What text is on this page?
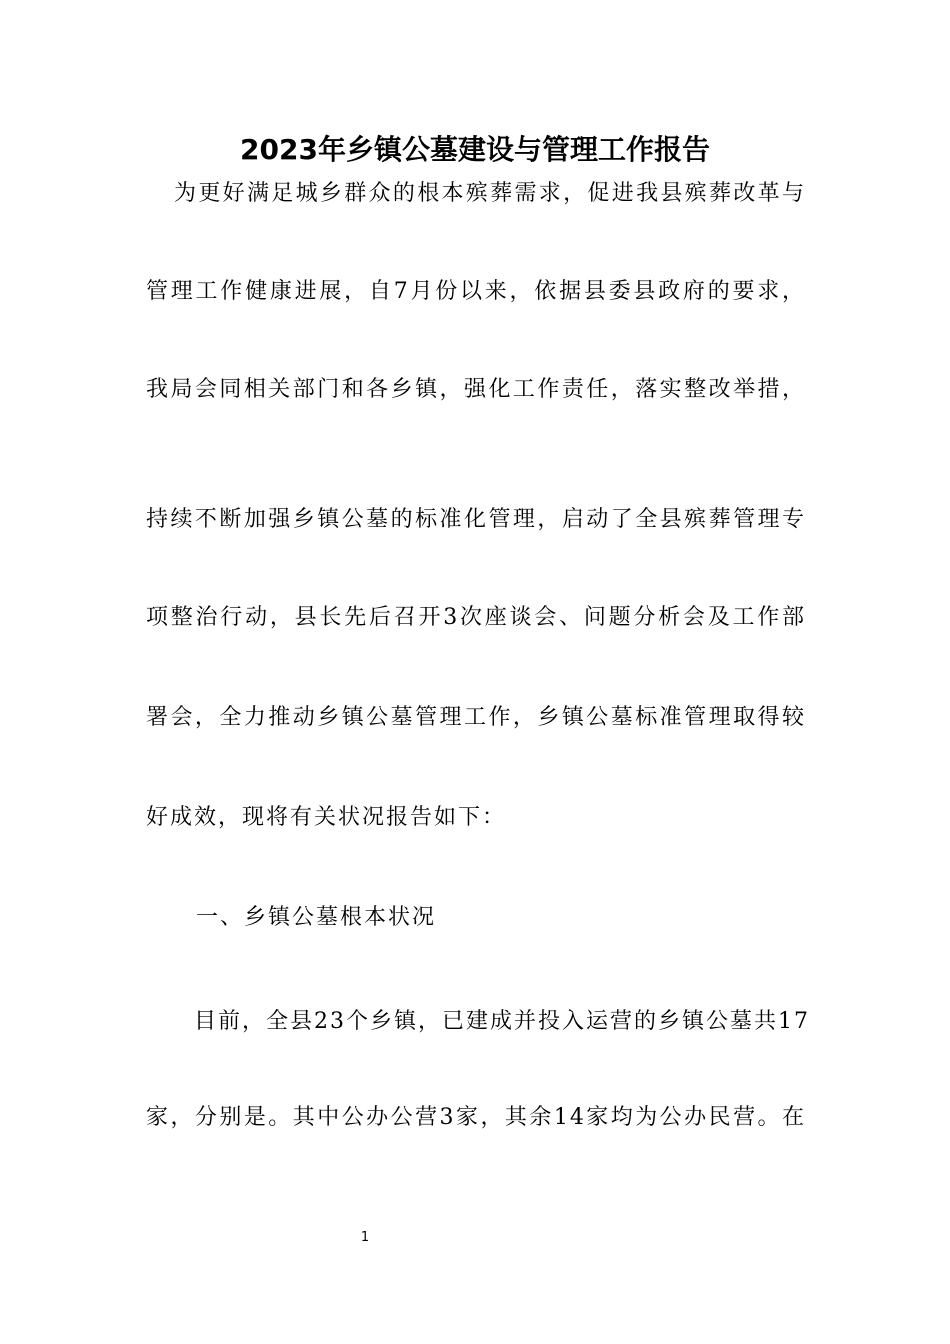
2023年乡镇公墓建设与管理工作报告
为更好满足城乡群众的根本殡葬需求，促进我县殡葬改革与
管理工作健康进展，自7月份以来，依据县委县政府的要求，
我局会同相关部门和各乡镇，强化工作责任，落实整改举措，
持续不断加强乡镇公墓的标准化管理，启动了全县殡葬管理专
项整治行动，县长先后召开3次座谈会、问题分析会及工作部
署会，全力推动乡镇公墓管理工作，乡镇公墓标准管理取得较
好成效，现将有关状况报告如下：
一、乡镇公墓根本状况
目前，全县23个乡镇，已建成并投入运营的乡镇公墓共17
家，分别是。其中公办公营3家，其余14家均为公办民营。在
1
